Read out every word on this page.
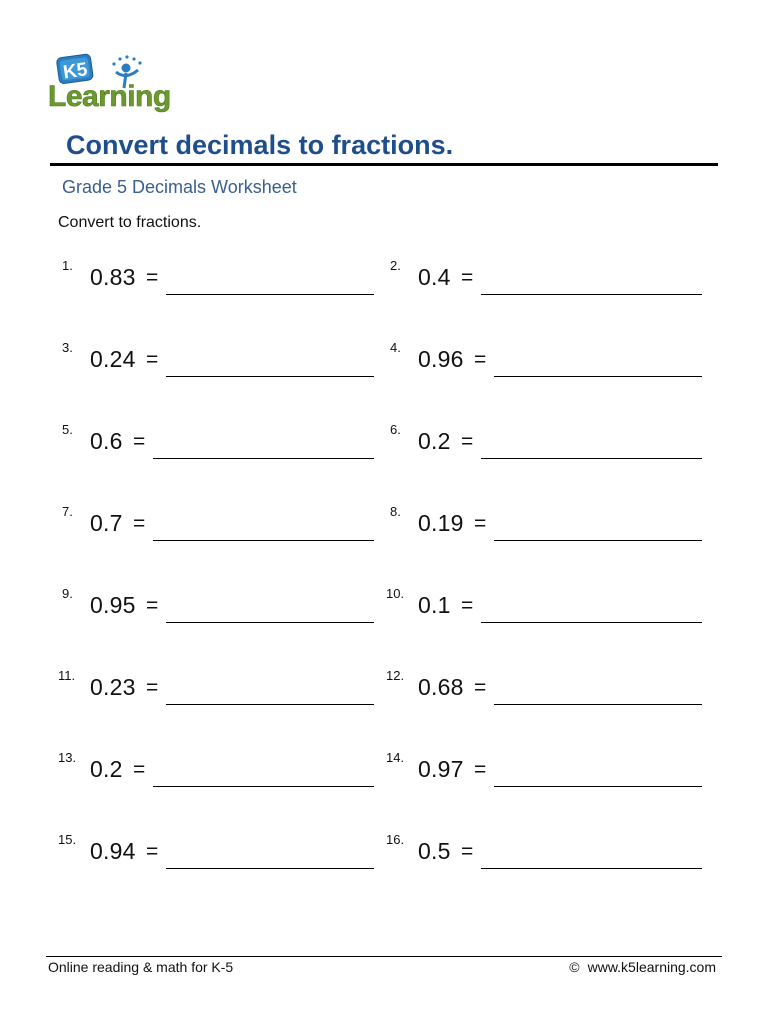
K5
Learning
Convert decimals to fractions.
Grade 5 Decimals Worksheet
Convert to fractions.
1. 0.83 =
2. 0.4 =
3. 0.24 =
4. 0.96 =
5. 0.6 =
6. 0.2 =
7. 0.7 =
8. 0.19 =
9. 0.95 =
10. 0.1 =
11. 0.23 =
12. 0.68 =
13. 0.2 =
14. 0.97 =
15. 0.94 =
16. 0.5 =
Online reading & math for K-5	© www.k5learning.com
